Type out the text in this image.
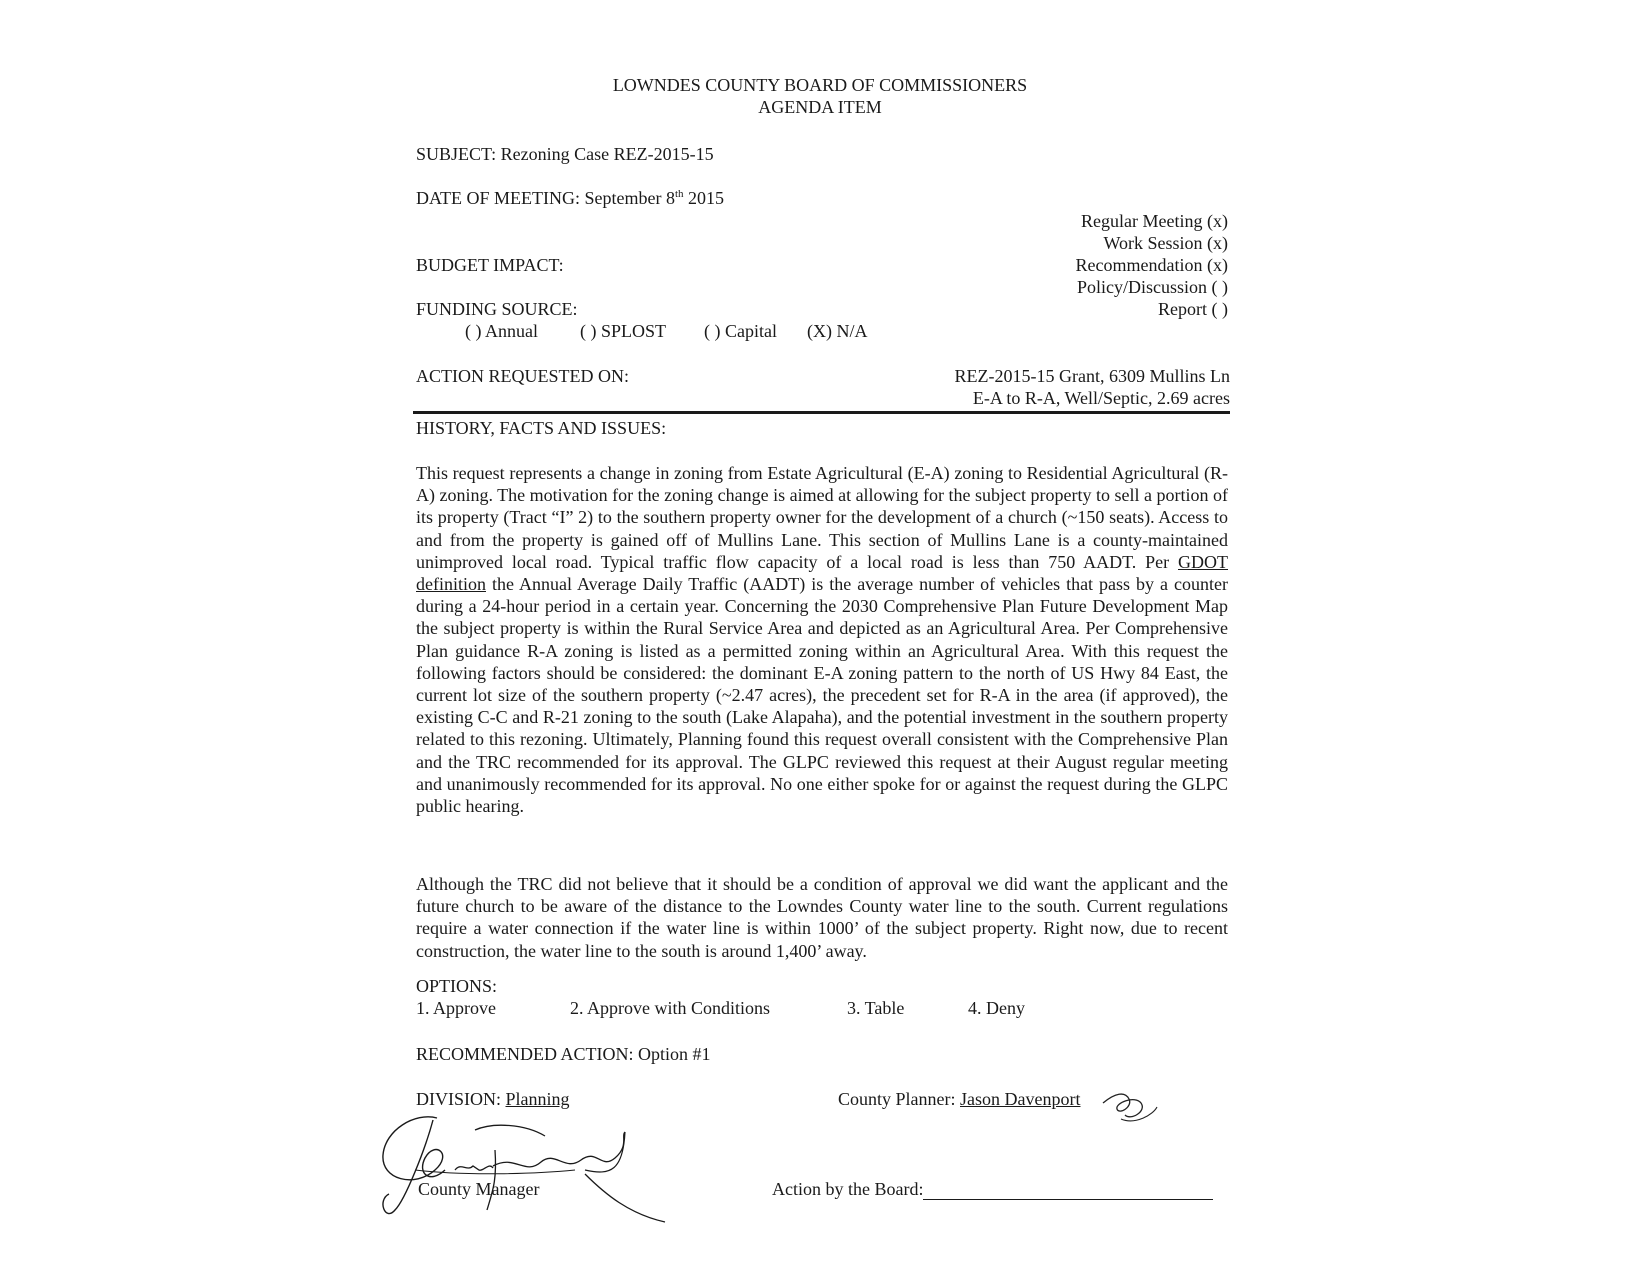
LOWNDES COUNTY BOARD OF COMMISSIONERS
AGENDA ITEM
SUBJECT: Rezoning Case REZ-2015-15
DATE OF MEETING: September 8th 2015
Regular Meeting (x)
Work Session (x)
Recommendation (x)
Policy/Discussion ( )
Report ( )
BUDGET IMPACT:
FUNDING SOURCE:
( ) Annual ( ) SPLOST ( ) Capital (X) N/A
ACTION REQUESTED ON:	REZ-2015-15 Grant, 6309 Mullins Ln
E-A to R-A, Well/Septic, 2.69 acres
HISTORY, FACTS AND ISSUES:
This request represents a change in zoning from Estate Agricultural (E-A) zoning to Residential Agricultural (R-A) zoning. The motivation for the zoning change is aimed at allowing for the subject property to sell a portion of its property (Tract “I” 2) to the southern property owner for the development of a church (~150 seats). Access to and from the property is gained off of Mullins Lane. This section of Mullins Lane is a county-maintained unimproved local road. Typical traffic flow capacity of a local road is less than 750 AADT. Per GDOT definition the Annual Average Daily Traffic (AADT) is the average number of vehicles that pass by a counter during a 24-hour period in a certain year. Concerning the 2030 Comprehensive Plan Future Development Map the subject property is within the Rural Service Area and depicted as an Agricultural Area. Per Comprehensive Plan guidance R-A zoning is listed as a permitted zoning within an Agricultural Area. With this request the following factors should be considered: the dominant E-A zoning pattern to the north of US Hwy 84 East, the current lot size of the southern property (~2.47 acres), the precedent set for R-A in the area (if approved), the existing C-C and R-21 zoning to the south (Lake Alapaha), and the potential investment in the southern property related to this rezoning. Ultimately, Planning found this request overall consistent with the Comprehensive Plan and the TRC recommended for its approval. The GLPC reviewed this request at their August regular meeting and unanimously recommended for its approval. No one either spoke for or against the request during the GLPC public hearing.
Although the TRC did not believe that it should be a condition of approval we did want the applicant and the future church to be aware of the distance to the Lowndes County water line to the south. Current regulations require a water connection if the water line is within 1000’ of the subject property. Right now, due to recent construction, the water line to the south is around 1,400’ away.
OPTIONS:
1. Approve	2. Approve with Conditions	3. Table	4. Deny
RECOMMENDED ACTION: Option #1
DIVISION: Planning	County Planner: Jason Davenport
County Manager	Action by the Board:
